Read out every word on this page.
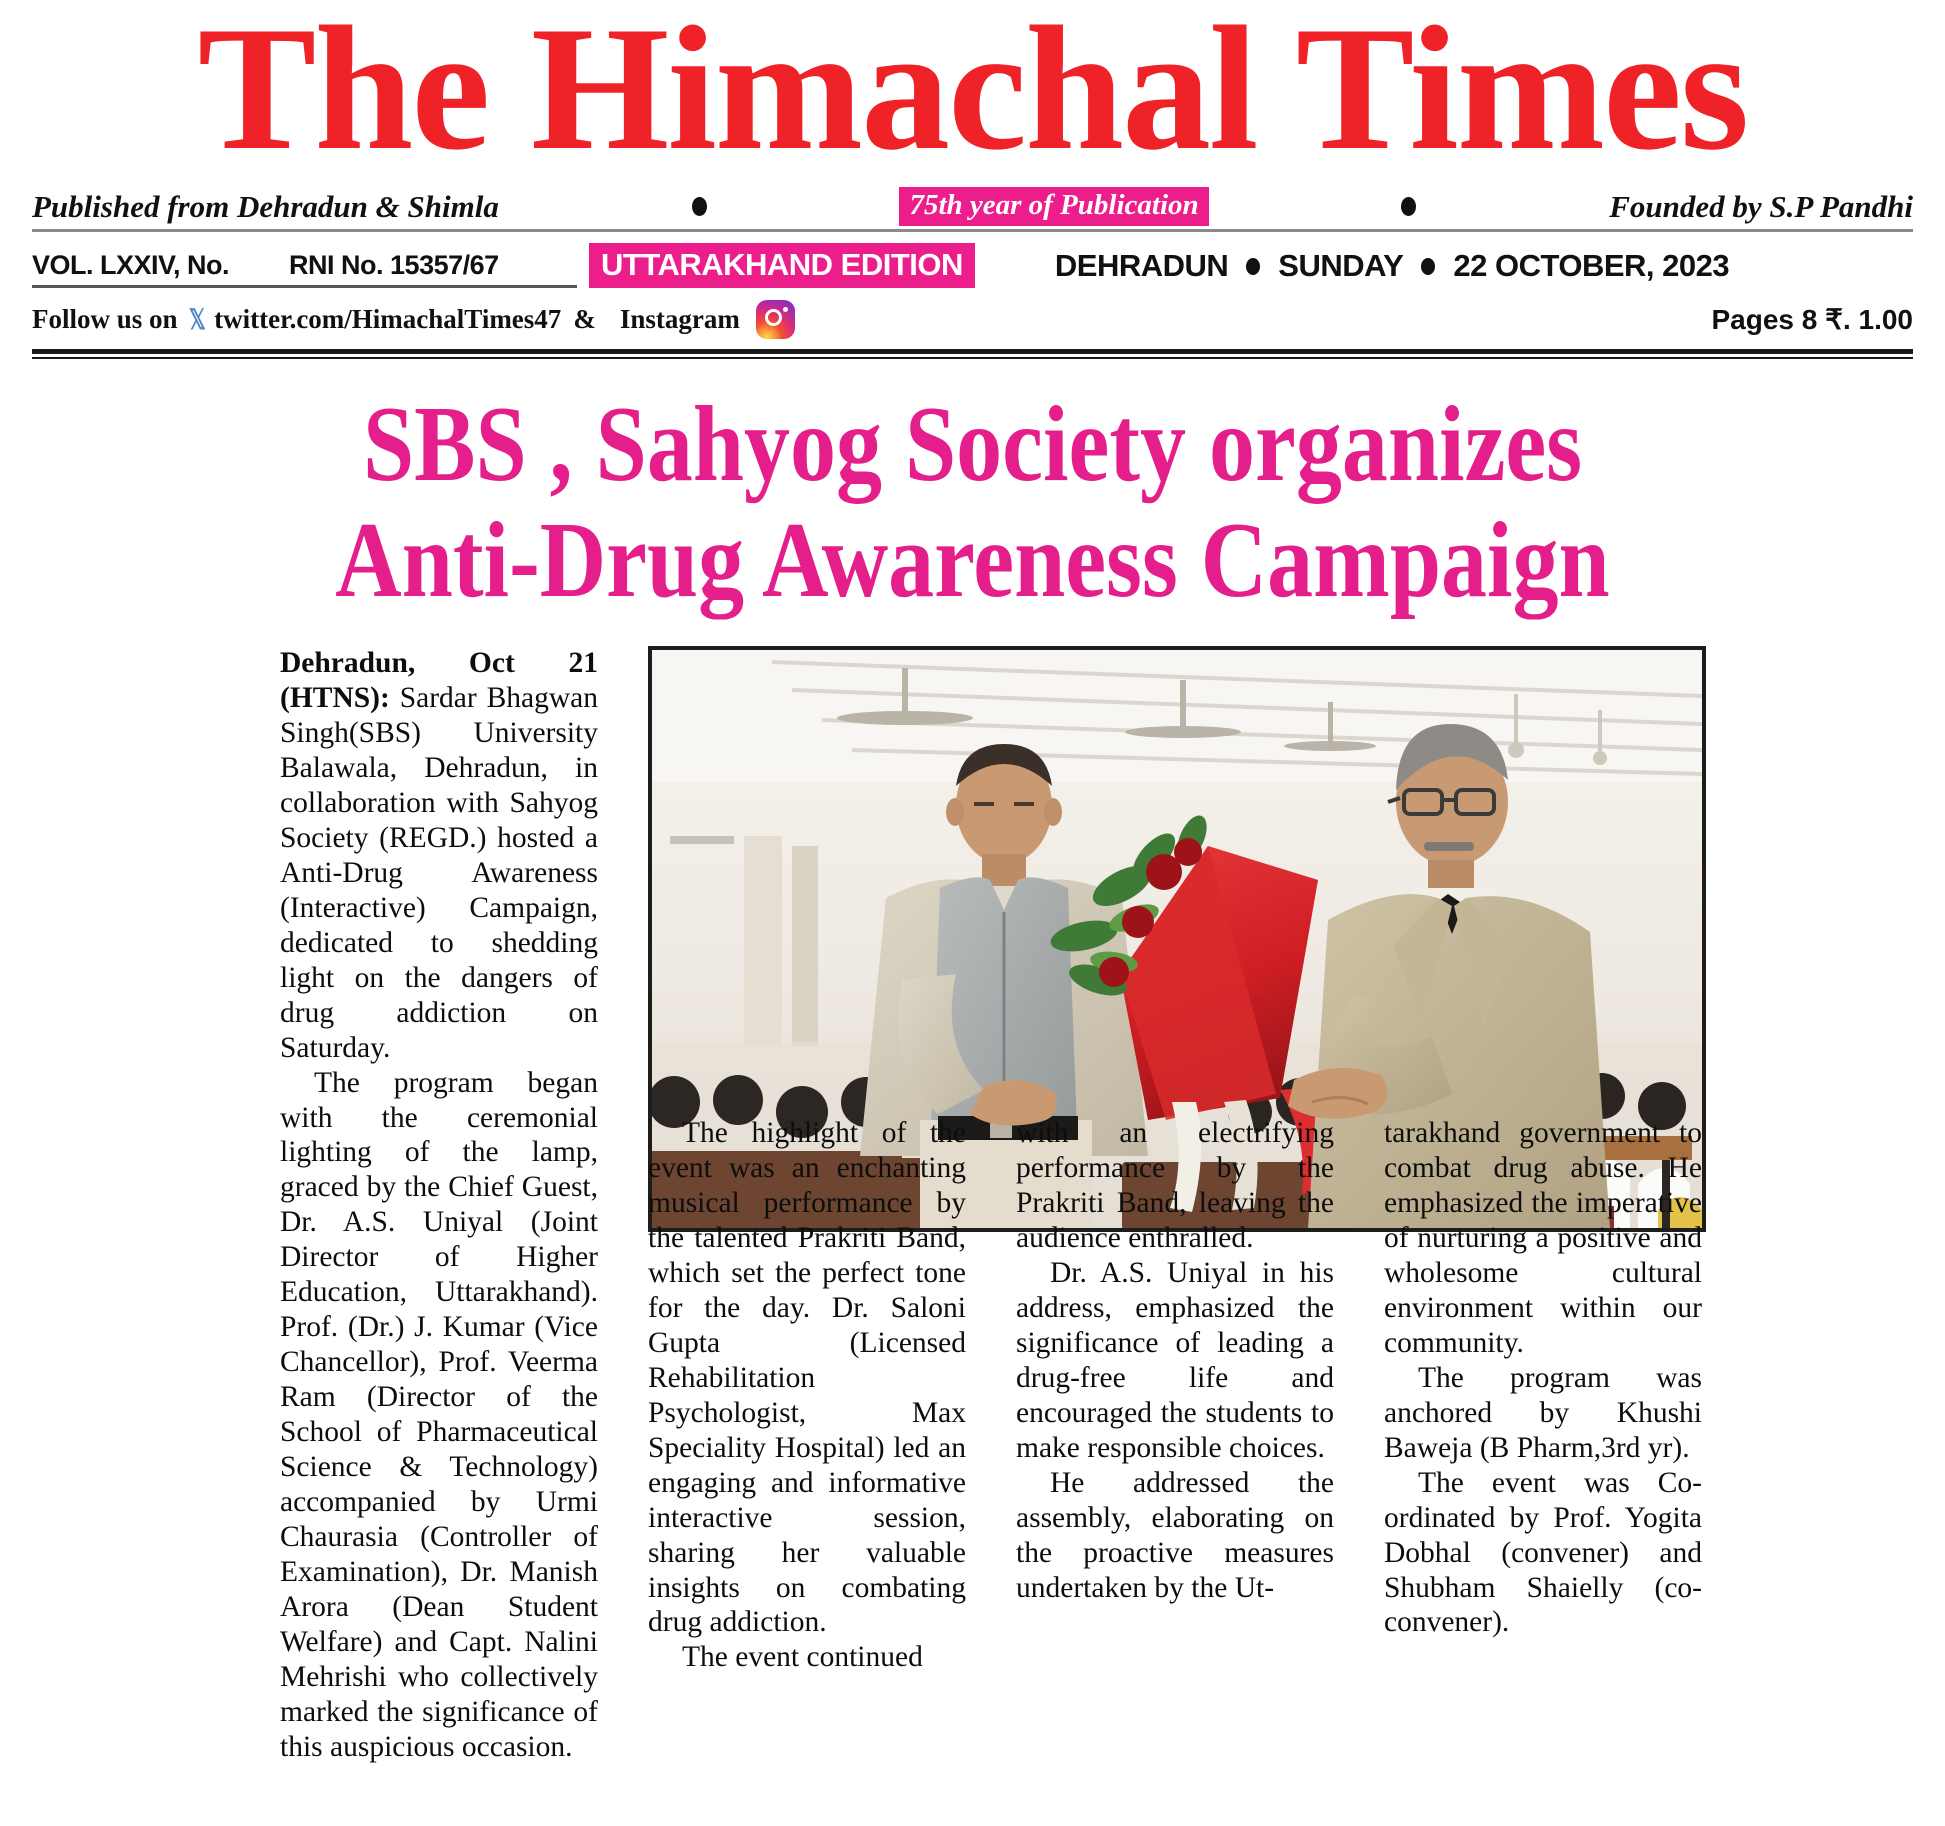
The Himachal Times
Published from Dehradun & Shimla	75th year of Publication	Founded by S.P Pandhi
VOL. LXXIV, No. RNI No. 15357/67	UTTARAKHAND EDITION	DEHRADUN SUNDAY 22 OCTOBER, 2023
Follow us on 𝕏 twitter.com/HimachalTimes47 & Instagram	Pages 8 ₹. 1.00
SBS , Sahyog Society organizes
Anti-Drug Awareness Campaign

Dehradun, Oct 21 (HTNS): Sardar Bhagwan Singh(SBS) University Balawala, Dehradun, in collaboration with Sahyog Society (REGD.) hosted a Anti-Drug Awareness (Interactive) Campaign, dedicated to shedding light on the dangers of drug addiction on Saturday.

The program began with the ceremonial lighting of the lamp, graced by the Chief Guest, Dr. A.S. Uniyal (Joint Director of Higher Education, Uttarakhand). Prof. (Dr.) J. Kumar (Vice Chancellor), Prof. Veerma Ram (Director of the School of Pharmaceutical Science & Technology) accompanied by Urmi Chaurasia (Controller of Examination), Dr. Manish Arora (Dean Student Welfare) and Capt. Nalini Mehrishi who collectively marked the significance of this auspicious occasion.

The highlight of the event was an enchanting musical performance by the talented Prakriti Band, which set the perfect tone for the day. Dr. Saloni Gupta (Licensed Rehabilitation Psychologist, Max Speciality Hospital) led an engaging and informative interactive session, sharing her valuable insights on combating drug addiction.

The event continued

with an electrifying performance by the Prakriti Band, leaving the audience enthralled.

Dr. A.S. Uniyal in his address, emphasized the significance of leading a drug-free life and encouraged the students to make responsible choices.

He addressed the assembly, elaborating on the proactive measures undertaken by the Ut-

tarakhand government to combat drug abuse. He emphasized the imperative of nurturing a positive and wholesome cultural environment within our community.

The program was anchored by Khushi Baweja (B Pharm,3rd yr).

The event was Co-ordinated by Prof. Yogita Dobhal (convener) and Shubham Shaielly (co-convener).
